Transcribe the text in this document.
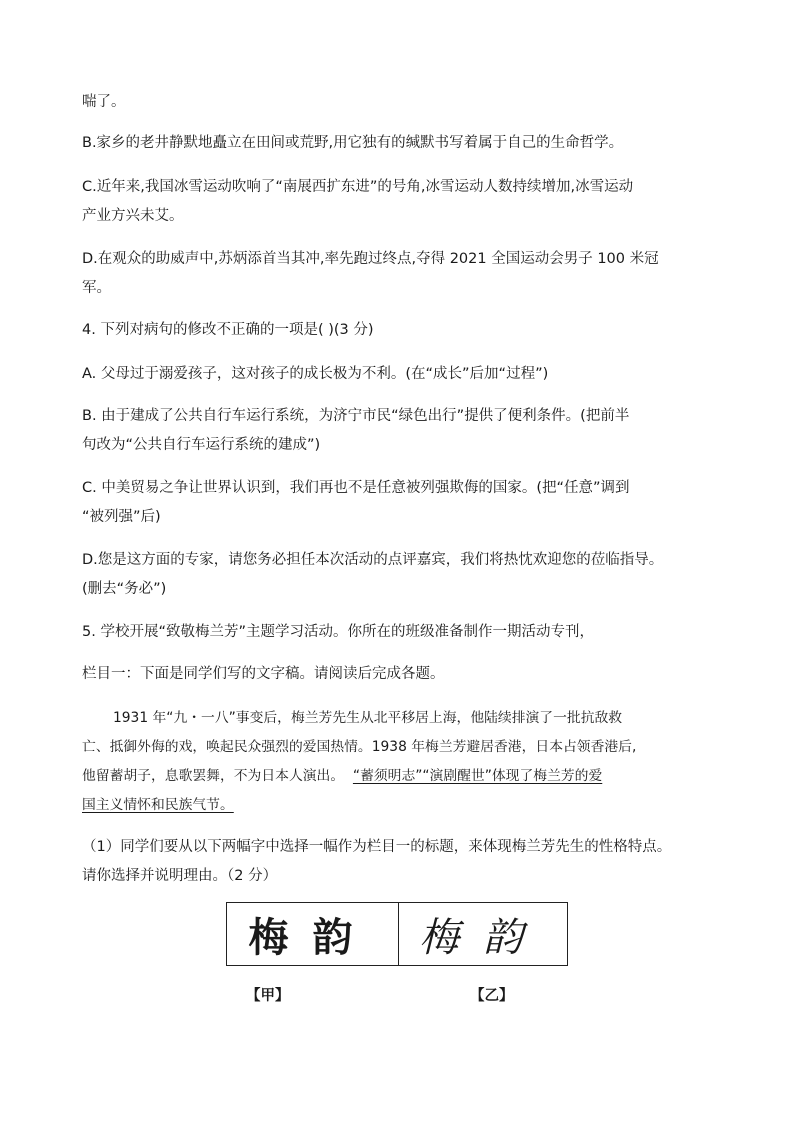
喘了。
B.家乡的老井静默地矗立在田间或荒野,用它独有的缄默书写着属于自己的生命哲学。
C.近年来,我国冰雪运动吹响了“南展西扩东进”的号角,冰雪运动人数持续增加,冰雪运动
产业方兴未艾。
D.在观众的助威声中,苏炳添首当其冲,率先跑过终点,夺得 2021 全国运动会男子 100 米冠
军。
4. 下列对病句的修改不正确的一项是( )(3 分)
A. 父母过于溺爱孩子，这对孩子的成长极为不利。(在“成长”后加“过程”)
B. 由于建成了公共自行车运行系统，为济宁市民“绿色出行”提供了便利条件。(把前半
句改为“公共自行车运行系统的建成”)
C. 中美贸易之争让世界认识到，我们再也不是任意被列强欺侮的国家。(把“任意”调到
“被列强”后)
D.您是这方面的专家，请您务必担任本次活动的点评嘉宾，我们将热忱欢迎您的莅临指导。
(删去“务必”)
5. 学校开展“致敬梅兰芳”主题学习活动。你所在的班级准备制作一期活动专刊，
栏目一：下面是同学们写的文字稿。请阅读后完成各题。
1931 年“九・一八”事变后，梅兰芳先生从北平移居上海，他陆续排演了一批抗敌救
亡、抵御外侮的戏，唤起民众强烈的爱国热情。1938 年梅兰芳避居香港，日本占领香港后,
他留蓄胡子，息歌罢舞，不为日本人演出。 “蓄须明志”“演剧醒世”体现了梅兰芳的爱
国主义情怀和民族气节。
（1）同学们要从以下两幅字中选择一幅作为栏目一的标题，来体现梅兰芳先生的性格特点。
请你选择并说明理由。（2 分）
梅韵	梅韵
【甲】	【乙】
